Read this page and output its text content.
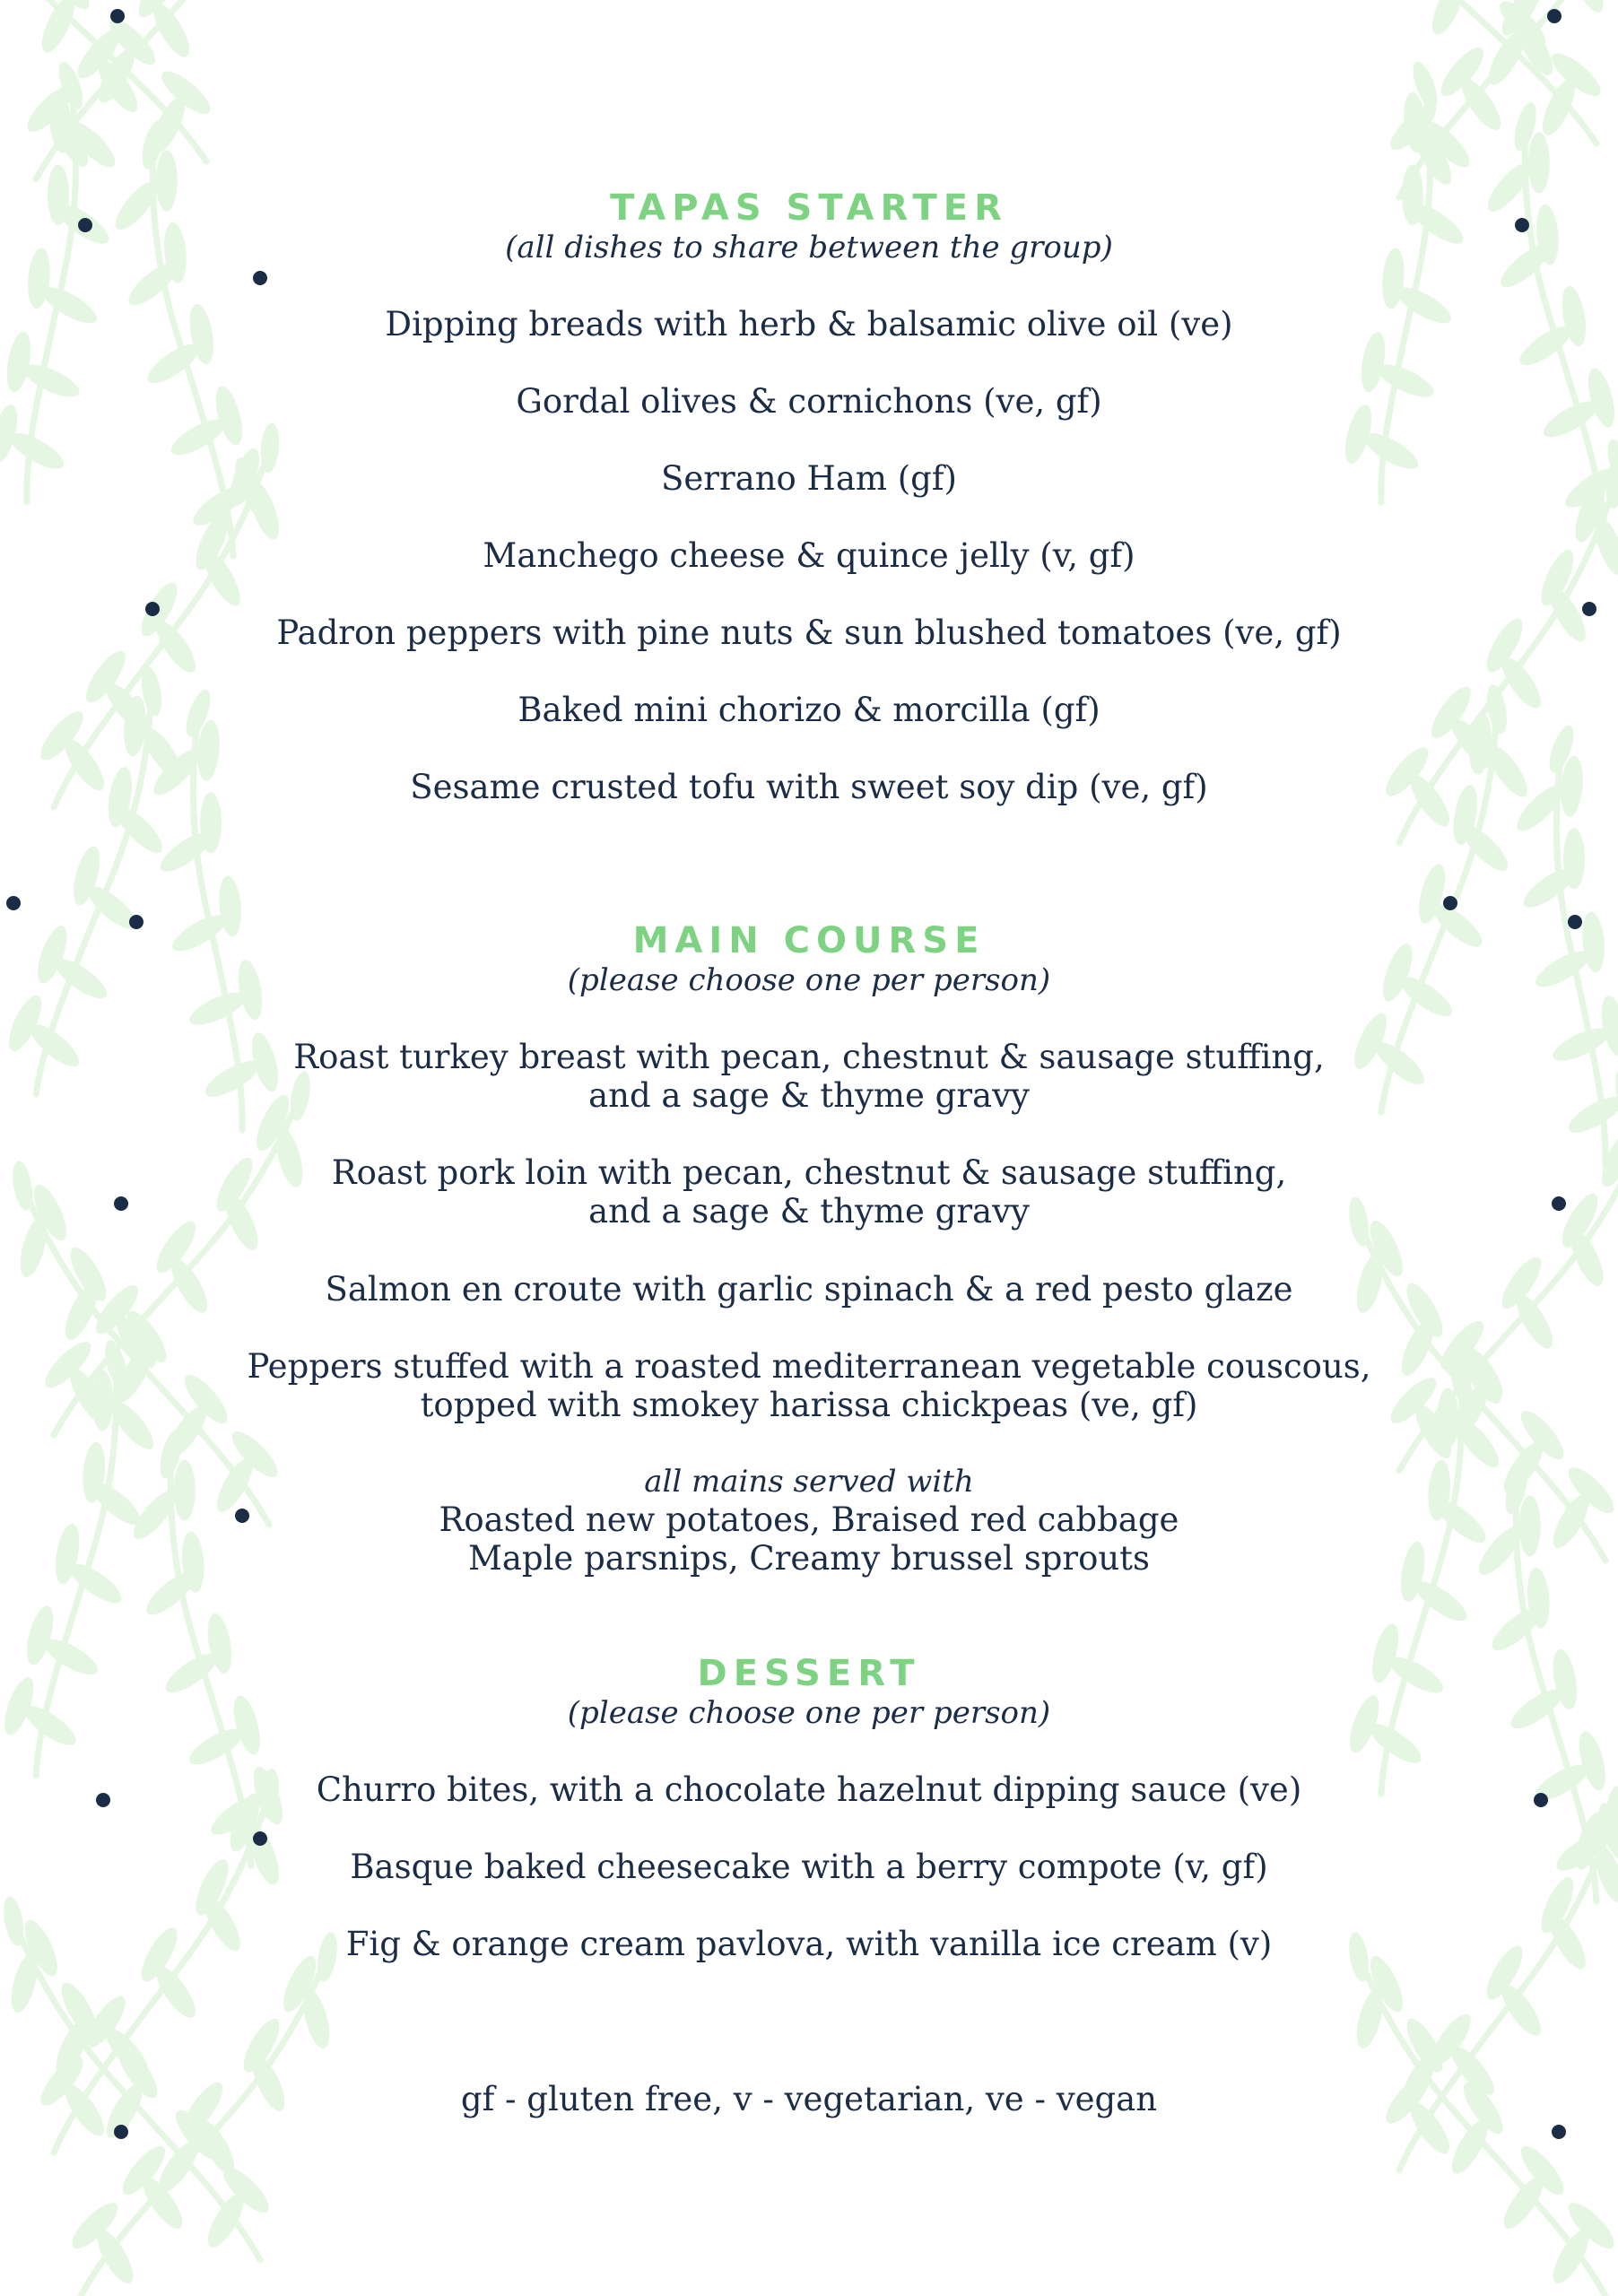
TAPAS STARTER

(all dishes to share between the group)

Dipping breads with herb & balsamic olive oil (ve)

Gordal olives & cornichons (ve, gf)

Serrano Ham (gf)

Manchego cheese & quince jelly (v, gf)

Padron peppers with pine nuts & sun blushed tomatoes (ve, gf)

Baked mini chorizo & morcilla (gf)

Sesame crusted tofu with sweet soy dip (ve, gf)

MAIN COURSE

(please choose one per person)

Roast turkey breast with pecan, chestnut & sausage stuffing,
and a sage & thyme gravy

Roast pork loin with pecan, chestnut & sausage stuffing,
and a sage & thyme gravy

Salmon en croute with garlic spinach & a red pesto glaze

Peppers stuffed with a roasted mediterranean vegetable couscous,
topped with smokey harissa chickpeas (ve, gf)

all mains served with

Roasted new potatoes, Braised red cabbage
Maple parsnips, Creamy brussel sprouts

DESSERT

(please choose one per person)

Churro bites, with a chocolate hazelnut dipping sauce (ve)

Basque baked cheesecake with a berry compote (v, gf)

Fig & orange cream pavlova, with vanilla ice cream (v)

gf - gluten free, v - vegetarian, ve - vegan
